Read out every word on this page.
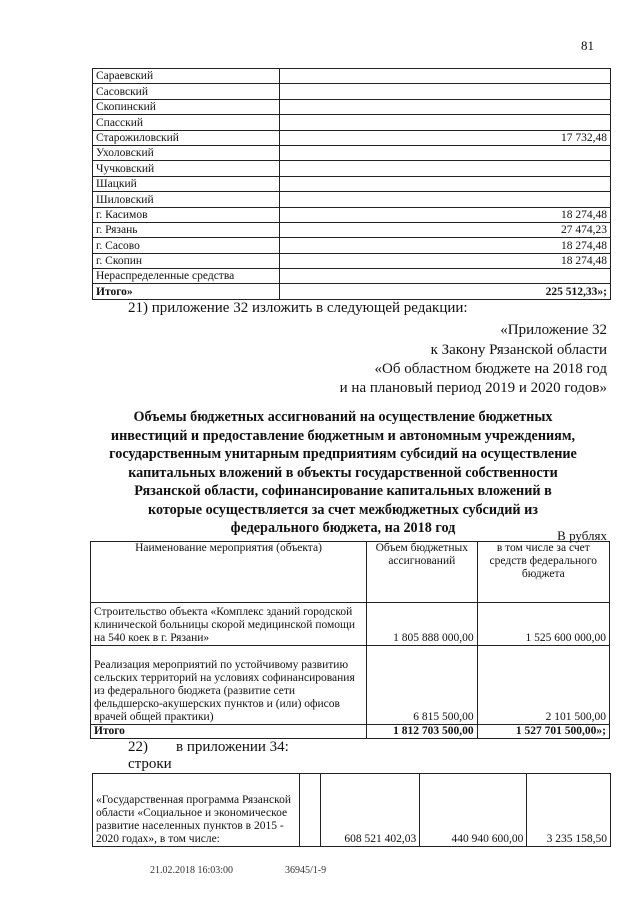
81
Сараевский	
Сасовский	
Скопинский	
Спасский	
Старожиловский	17 732,48
Ухоловский	
Чучковский	
Шацкий	
Шиловский	
г. Касимов	18 274,48
г. Рязань	27 474,23
г. Сасово	18 274,48
г. Скопин	18 274,48
Нераспределенные средства	
Итого»	225 512,33»;
21) приложение 32 изложить в следующей редакции:
«Приложение 32
к Закону Рязанской области
«Об областном бюджете на 2018 год
и на плановый период 2019 и 2020 годов»
Объемы бюджетных ассигнований на осуществление бюджетных
инвестиций и предоставление бюджетным и автономным учреждениям,
государственным унитарным предприятиям субсидий на осуществление
капитальных вложений в объекты государственной собственности
Рязанской области, софинансирование капитальных вложений в
которые осуществляется за счет межбюджетных субсидий из
федерального бюджета, на 2018 год	В рублях
Наименование мероприятия (объекта)	Объем бюджетных ассигнований	в том числе за счет средств федерального бюджета
Строительство объекта «Комплекс зданий городской клинической больницы скорой медицинской помощи на 540 коек в г. Рязани»	1 805 888 000,00	1 525 600 000,00
Реализация мероприятий по устойчивому развитию сельских территорий на условиях софинансирования из федерального бюджета (развитие сети фельдшерско-акушерских пунктов и (или) офисов врачей общей практики)	6 815 500,00	2 101 500,00
Итого	1 812 703 500,00	1 527 701 500,00»;
22) в приложении 34:
строки
«Государственная программа Рязанской области «Социальное и экономическое развитие населенных пунктов в 2015 - 2020 годах», в том числе:		608 521 402,03	440 940 600,00	3 235 158,50
21.02.2018 16:03:00	36945/1-9
